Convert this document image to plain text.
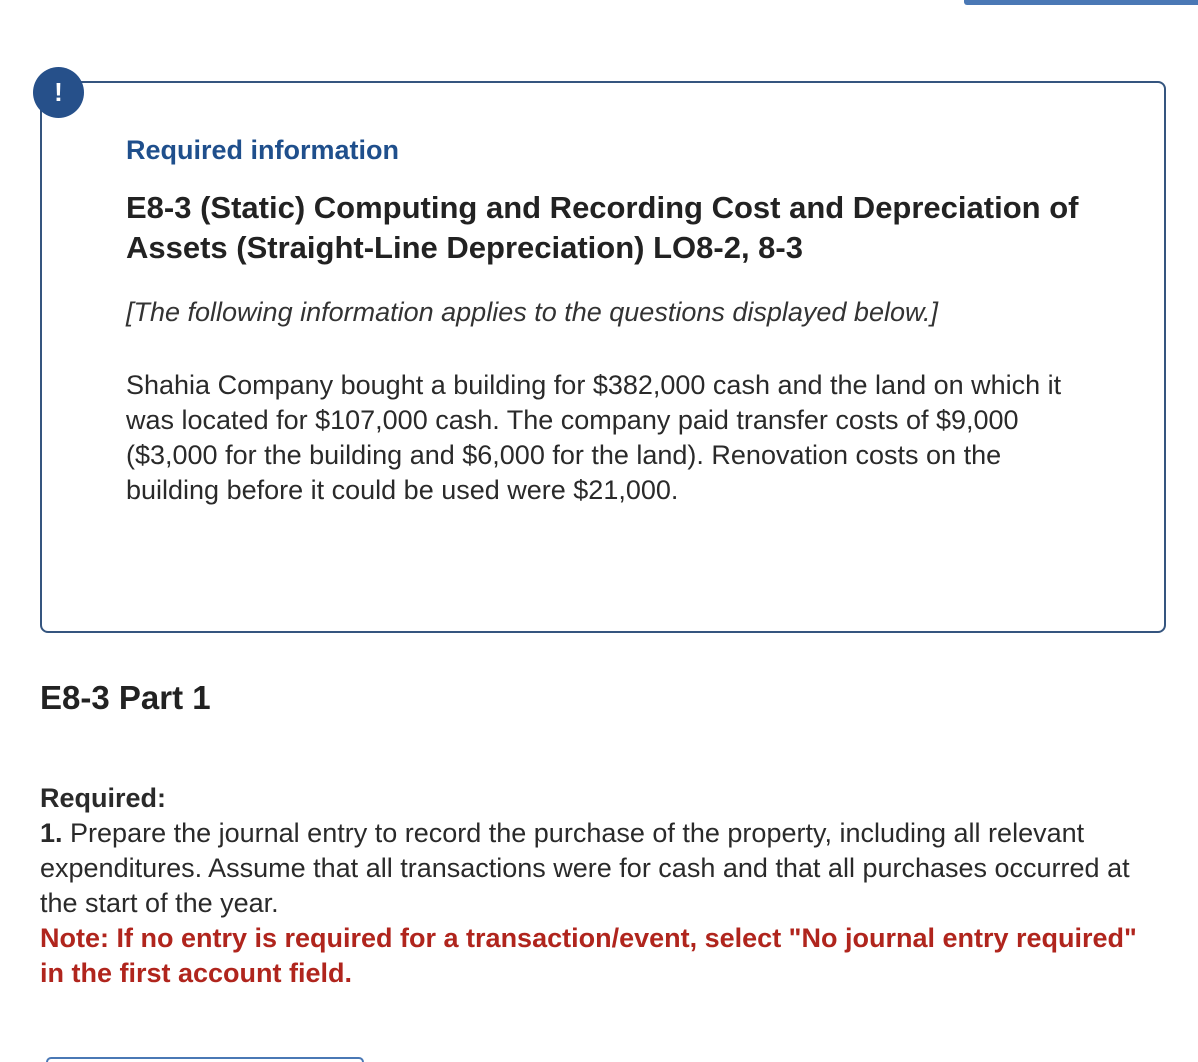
!

Required information

E8-3 (Static) Computing and Recording Cost and Depreciation of Assets (Straight-Line Depreciation) LO8-2, 8-3

[The following information applies to the questions displayed below.]

Shahia Company bought a building for $382,000 cash and the land on which it was located for $107,000 cash. The company paid transfer costs of $9,000 ($3,000 for the building and $6,000 for the land). Renovation costs on the building before it could be used were $21,000.

E8-3 Part 1
Required:
1. Prepare the journal entry to record the purchase of the property, including all relevant expenditures. Assume that all transactions were for cash and that all purchases occurred at the start of the year.
Note: If no entry is required for a transaction/event, select "No journal entry required" in the first account field.
